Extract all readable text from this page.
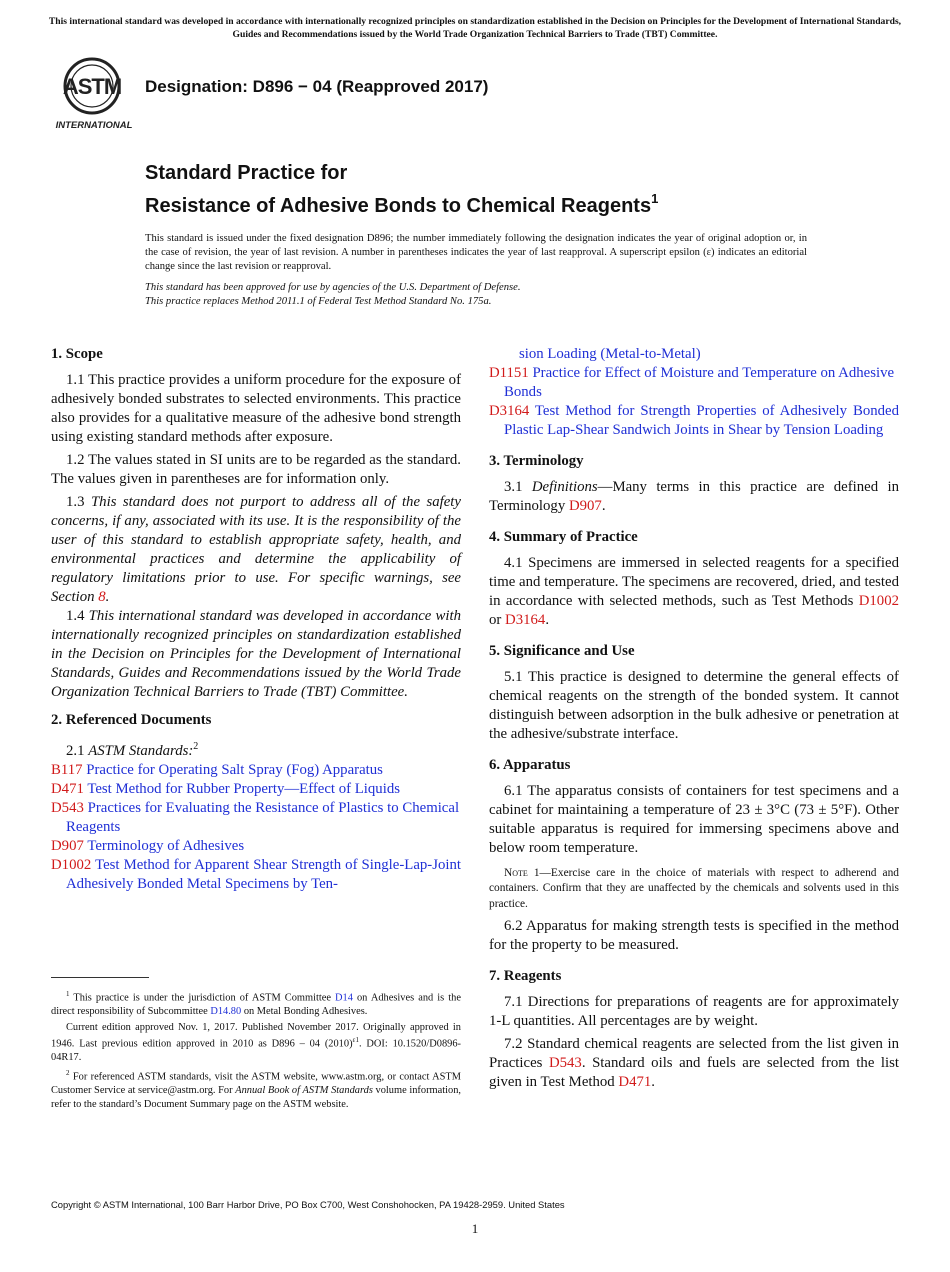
This international standard was developed in accordance with internationally recognized principles on standardization established in the Decision on Principles for the Development of International Standards, Guides and Recommendations issued by the World Trade Organization Technical Barriers to Trade (TBT) Committee.
ASTM
INTERNATIONAL
Designation: D896 − 04 (Reapproved 2017)
Standard Practice for
Resistance of Adhesive Bonds to Chemical Reagents$^1$

This standard is issued under the fixed designation D896; the number immediately following the designation indicates the year of original adoption or, in the case of revision, the year of last revision. A number in parentheses indicates the year of last reapproval. A superscript epsilon (ε) indicates an editorial change since the last revision or reapproval.

This standard has been approved for use by agencies of the U.S. Department of Defense.

This practice replaces Method 2011.1 of Federal Test Method Standard No. 175a.

1. Scope

1.1 This practice provides a uniform procedure for the exposure of adhesively bonded substrates to selected environments. This practice also provides for a qualitative measure of the adhesive bond strength using existing standard methods after exposure.

1.2 The values stated in SI units are to be regarded as the standard. The values given in parentheses are for information only.

1.3 This standard does not purport to address all of the safety concerns, if any, associated with its use. It is the responsibility of the user of this standard to establish appropriate safety, health, and environmental practices and determine the applicability of regulatory limitations prior to use. For specific warnings, see Section 8.

1.4 This international standard was developed in accordance with internationally recognized principles on standardization established in the Decision on Principles for the Development of International Standards, Guides and Recommendations issued by the World Trade Organization Technical Barriers to Trade (TBT) Committee.

2. Referenced Documents

2.1 ASTM Standards:$^2$

B117 Practice for Operating Salt Spray (Fog) Apparatus

D471 Test Method for Rubber Property—Effect of Liquids

D543 Practices for Evaluating the Resistance of Plastics to Chemical Reagents

D907 Terminology of Adhesives

D1002 Test Method for Apparent Shear Strength of Single-Lap-Joint Adhesively Bonded Metal Specimens by Ten-

$^1$ This practice is under the jurisdiction of ASTM Committee D14 on Adhesives and is the direct responsibility of Subcommittee D14.80 on Metal Bonding Adhesives.

Current edition approved Nov. 1, 2017. Published November 2017. Originally approved in 1946. Last previous edition approved in 2010 as D896 – 04 $(2010)^{\varepsilon 1}$. DOI: 10.1520/D0896-04R17.

$^2$ For referenced ASTM standards, visit the ASTM website, www.astm.org, or contact ASTM Customer Service at service@astm.org. For Annual Book of ASTM Standards volume information, refer to the standard’s Document Summary page on the ASTM website.

sion Loading (Metal-to-Metal)

D1151 Practice for Effect of Moisture and Temperature on Adhesive Bonds

D3164 Test Method for Strength Properties of Adhesively Bonded Plastic Lap-Shear Sandwich Joints in Shear by Tension Loading

3. Terminology

3.1 Definitions—Many terms in this practice are defined in Terminology D907.

4. Summary of Practice

4.1 Specimens are immersed in selected reagents for a specified time and temperature. The specimens are recovered, dried, and tested in accordance with selected methods, such as Test Methods D1002 or D3164.

5. Significance and Use

5.1 This practice is designed to determine the general effects of chemical reagents on the strength of the bonded system. It cannot distinguish between adsorption in the bulk adhesive or penetration at the adhesive/substrate interface.

6. Apparatus

6.1 The apparatus consists of containers for test specimens and a cabinet for maintaining a temperature of 23 ± 3°C (73 ± 5°F). Other suitable apparatus is required for immersing specimens above and below room temperature.

Note 1—Exercise care in the choice of materials with respect to adherend and containers. Confirm that they are unaffected by the chemicals and solvents used in this practice.

6.2 Apparatus for making strength tests is specified in the method for the property to be measured.

7. Reagents

7.1 Directions for preparations of reagents are for approximately 1-L quantities. All percentages are by weight.

7.2 Standard chemical reagents are selected from the list given in Practices D543. Standard oils and fuels are selected from the list given in Test Method D471.

Copyright © ASTM International, 100 Barr Harbor Drive, PO Box C700, West Conshohocken, PA 19428-2959. United States
1
